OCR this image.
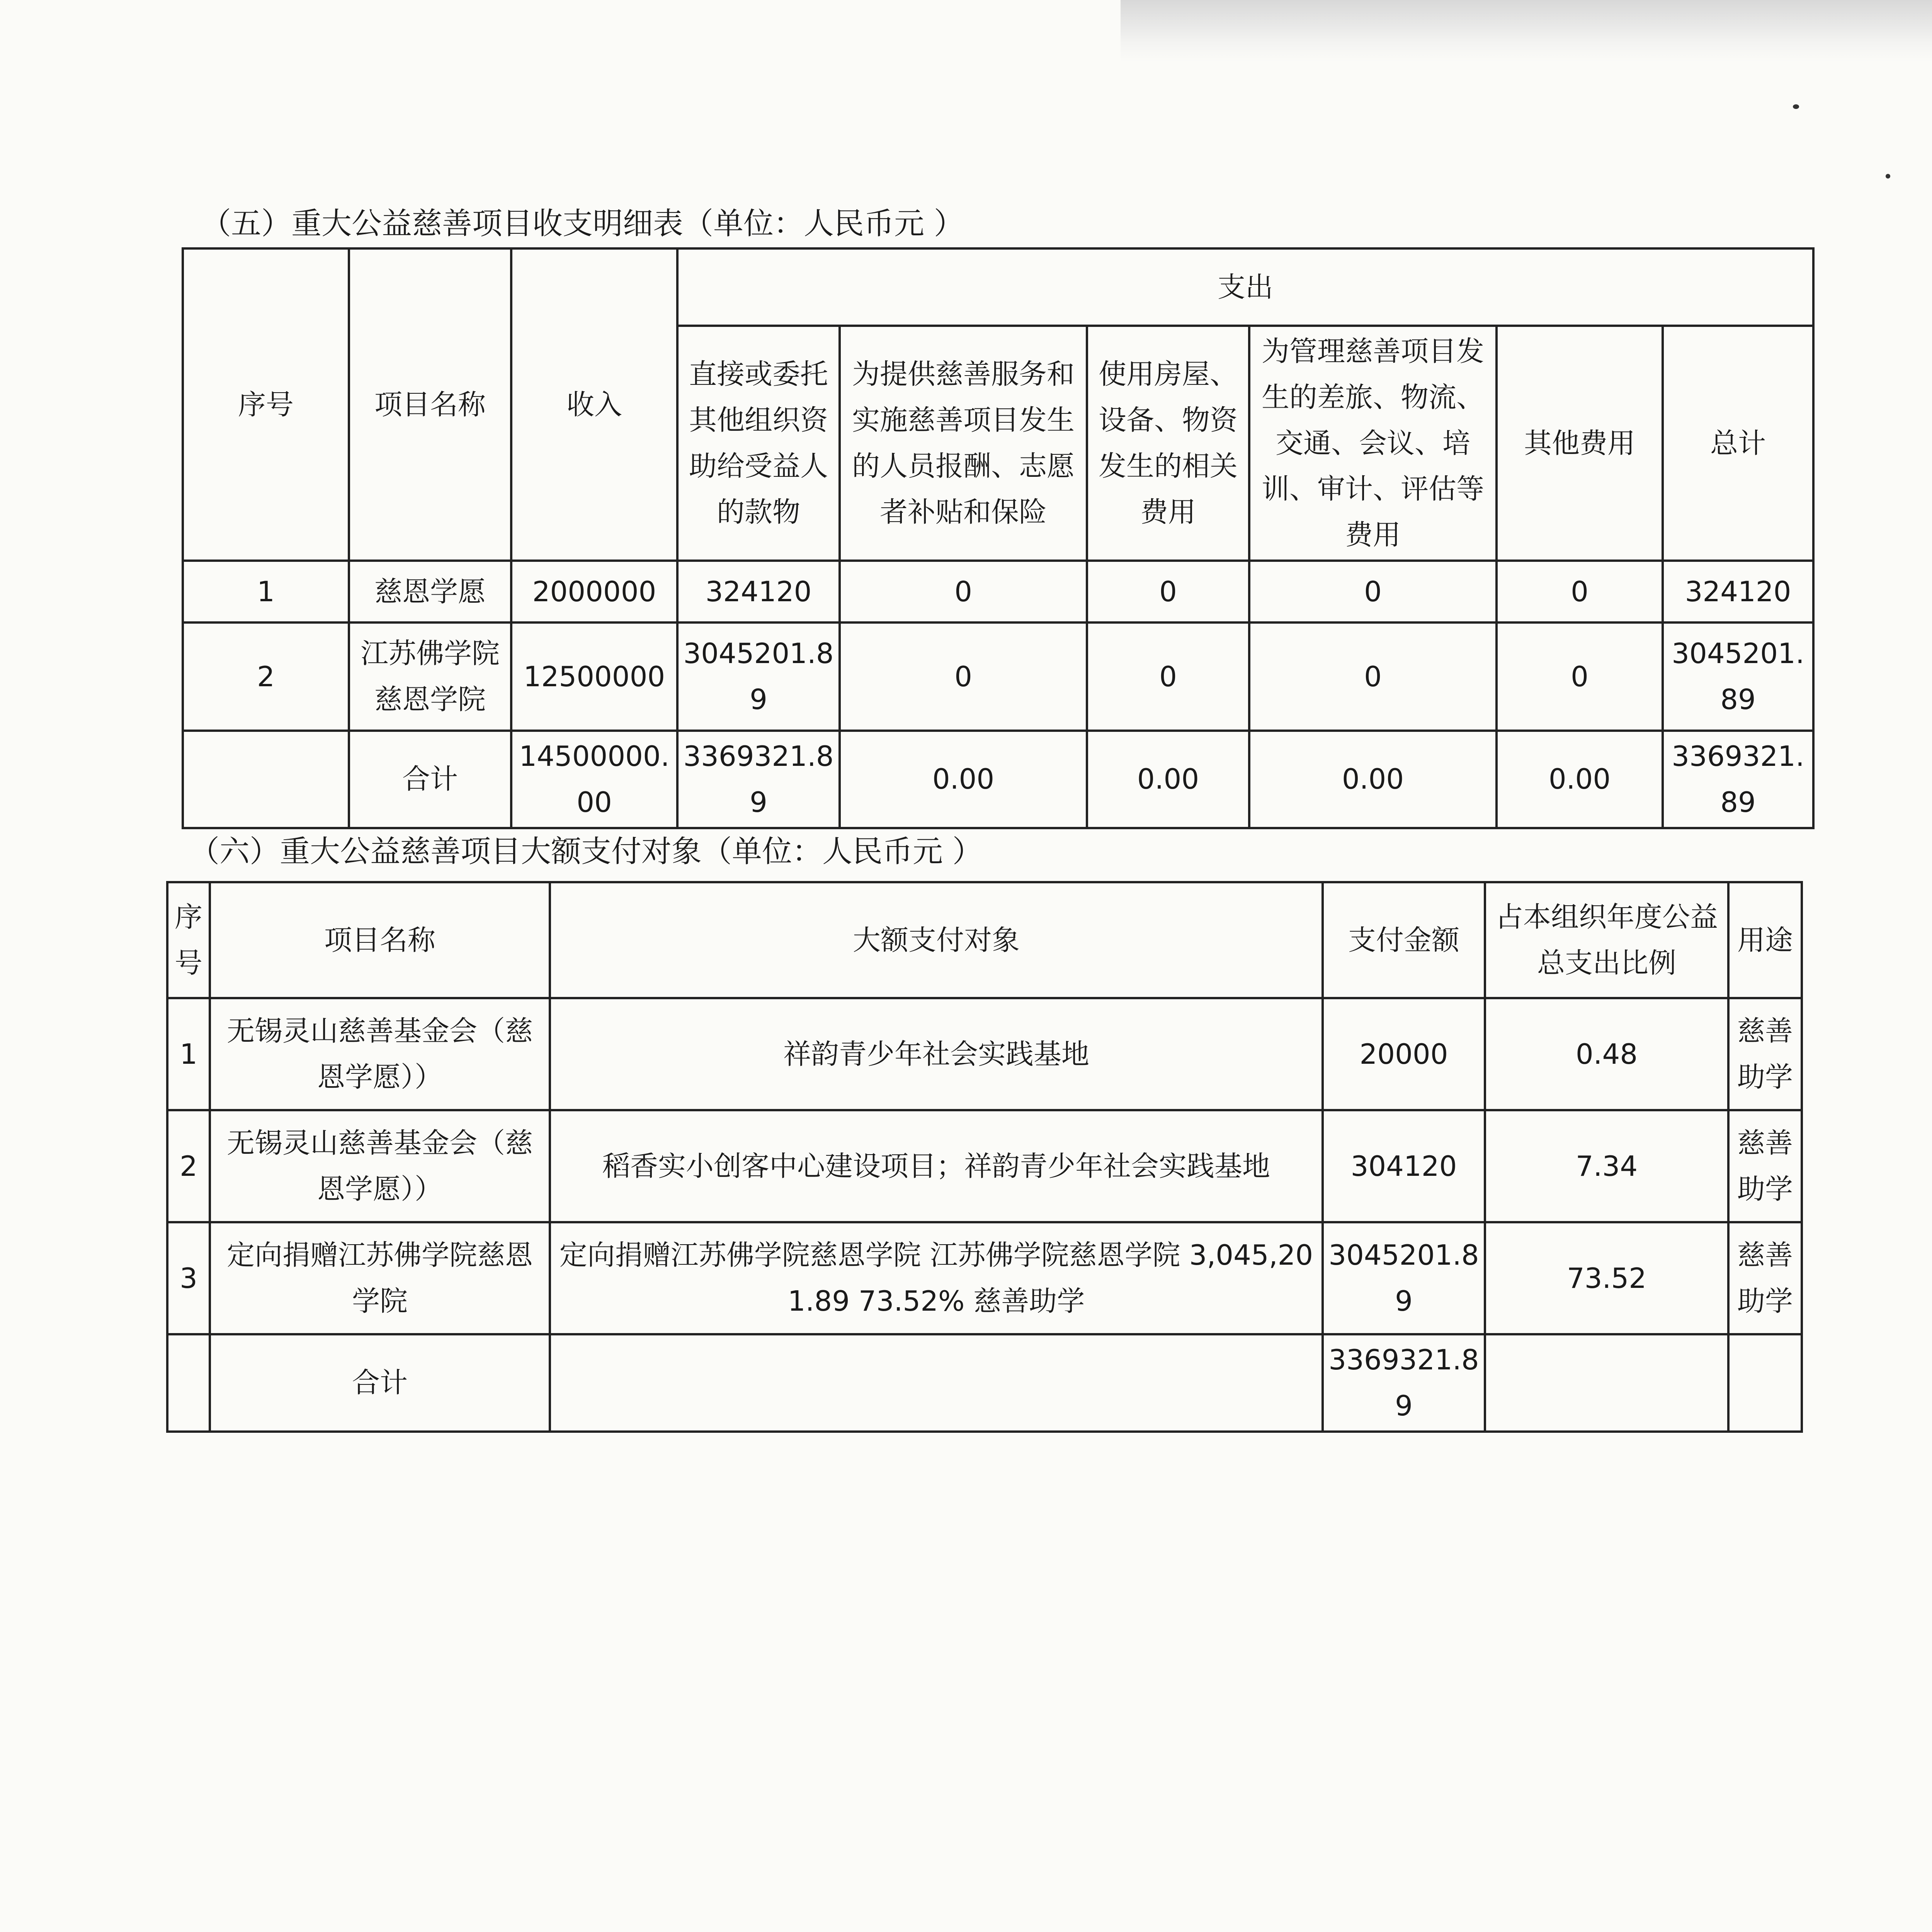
（五）重大公益慈善项目收支明细表（单位：人民币元 ）
序号	项目名称	收入	支出					
			直接或委托其他组织资助给受益人的款物	为提供慈善服务和实施慈善项目发生的人员报酬、志愿者补贴和保险	使用房屋、设备、物资发生的相关费用	为管理慈善项目发生的差旅、物流、交通、会议、培训、审计、评估等费用	其他费用	总计
1	慈恩学愿	2000000	324120	0	0	0	0	324120
2	江苏佛学院慈恩学院	12500000	3045201.89	0	0	0	0	3045201.89
	合计	14500000.00	3369321.89	0.00	0.00	0.00	0.00	3369321.89
（六）重大公益慈善项目大额支付对象（单位：人民币元 ）
序号	项目名称	大额支付对象	支付金额	占本组织年度公益总支出比例	用途
1	无锡灵山慈善基金会（慈恩学愿））	祥韵青少年社会实践基地	20000	0.48	慈善助学
2	无锡灵山慈善基金会（慈恩学愿））	稻香实小创客中心建设项目；祥韵青少年社会实践基地	304120	7.34	慈善助学
3	定向捐赠江苏佛学院慈恩学院	定向捐赠江苏佛学院慈恩学院 江苏佛学院慈恩学院 3,045,201.89 73.52% 慈善助学	3045201.89	73.52	慈善助学
	合计		3369321.89		
